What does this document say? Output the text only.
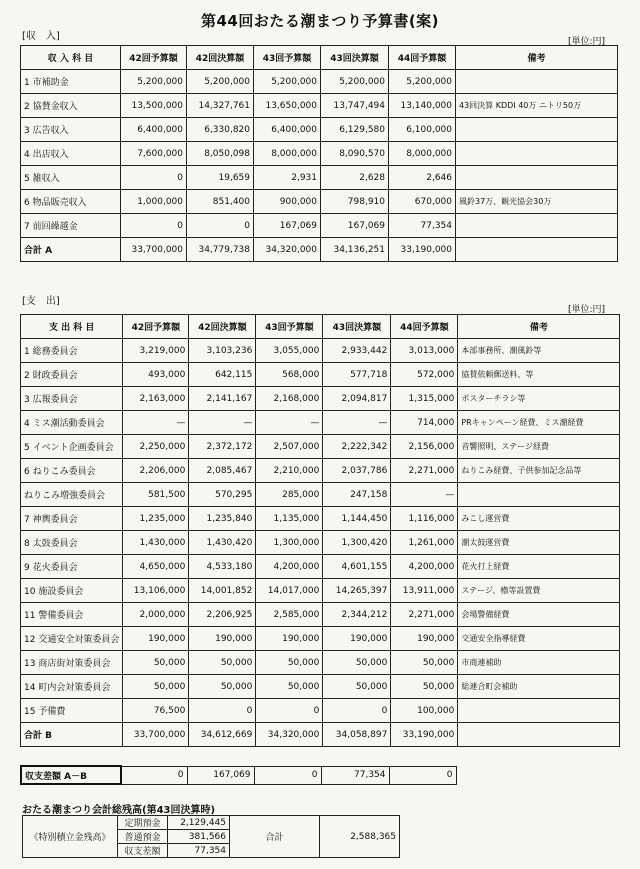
第44回おたる潮まつり予算書(案)
[収　入]	[単位:円]
収 入 科 目	42回予算額	42回決算額	43回予算額	43回決算額	44回予算額	備考
1 市補助金	5,200,000	5,200,000	5,200,000	5,200,000	5,200,000	
2 協賛金収入	13,500,000	14,327,761	13,650,000	13,747,494	13,140,000	43回決算 KDDI 40万 ニトリ50万
3 広告収入	6,400,000	6,330,820	6,400,000	6,129,580	6,100,000	
4 出店収入	7,600,000	8,050,098	8,000,000	8,090,570	8,000,000	
5 雑収入	0	19,659	2,931	2,628	2,646	
6 物品販売収入	1,000,000	851,400	900,000	798,910	670,000	風鈴37万、観光協会30万
7 前回繰越金	0	0	167,069	167,069	77,354	
合計 A	33,700,000	34,779,738	34,320,000	34,136,251	33,190,000	
[支　出]
[単位:円]
支 出 科 目	42回予算額	42回決算額	43回予算額	43回決算額	44回予算額	備考
1 総務委員会	3,219,000	3,103,236	3,055,000	2,933,442	3,013,000	本部事務所、潮風鈴等
2 財政委員会	493,000	642,115	568,000	577,718	572,000	協賛依頼郵送料、等
3 広報委員会	2,163,000	2,141,167	2,168,000	2,094,817	1,315,000	ポスターチラシ等
4 ミス潮活動委員会	—	—	—	—	714,000	PRキャンペーン経費、ミス潮経費
5 イベント企画委員会	2,250,000	2,372,172	2,507,000	2,222,342	2,156,000	音響照明、ステージ経費
6 ねりこみ委員会	2,206,000	2,085,467	2,210,000	2,037,786	2,271,000	ねりこみ経費、子供参加記念品等
ねりこみ増強委員会	581,500	570,295	285,000	247,158	—	
7 神輿委員会	1,235,000	1,235,840	1,135,000	1,144,450	1,116,000	みこし運営費
8 太鼓委員会	1,430,000	1,430,420	1,300,000	1,300,420	1,261,000	潮太鼓運営費
9 花火委員会	4,650,000	4,533,180	4,200,000	4,601,155	4,200,000	花火打上経費
10 施設委員会	13,106,000	14,001,852	14,017,000	14,265,397	13,911,000	ステージ、櫓等設置費
11 警備委員会	2,000,000	2,206,925	2,585,000	2,344,212	2,271,000	会場警備経費
12 交通安全対策委員会	190,000	190,000	190,000	190,000	190,000	交通安全指導経費
13 商店街対策委員会	50,000	50,000	50,000	50,000	50,000	市商連補助
14 町内会対策委員会	50,000	50,000	50,000	50,000	50,000	総連合町会補助
15 予備費	76,500	0	0	0	100,000	
合計 B	33,700,000	34,612,669	34,320,000	34,058,897	33,190,000	
収支差額 A－B	0	167,069	0	77,354	0
おたる潮まつり会計総残高(第43回決算時)
《特別積立金残高》	定期預金	2,129,445	合計	2,588,365
	普通預金	381,566		
	収支差額	77,354		
